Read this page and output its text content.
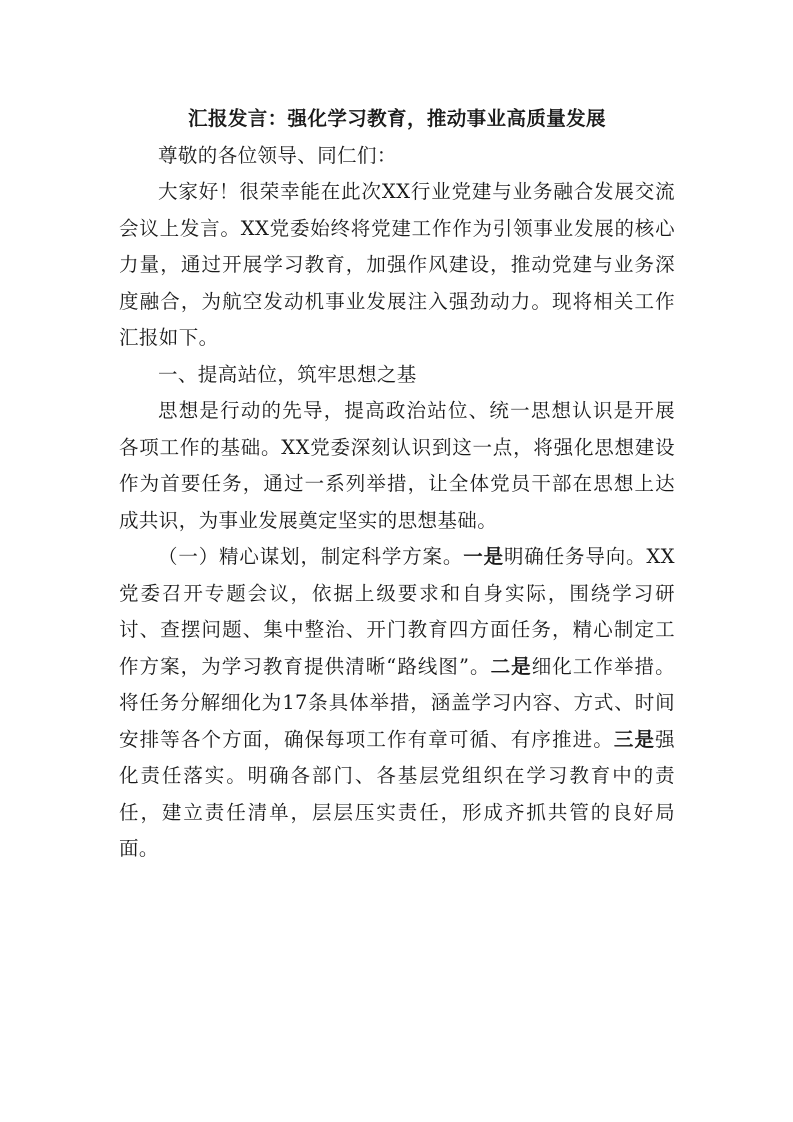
汇报发言：强化学习教育，推动事业高质量发展

尊敬的各位领导、同仁们：

大家好！很荣幸能在此次XX行业党建与业务融合发展交流会议上发言。XX党委始终将党建工作作为引领事业发展的核心力量，通过开展学习教育，加强作风建设，推动党建与业务深度融合，为航空发动机事业发展注入强劲动力。现将相关工作汇报如下。

一、提高站位，筑牢思想之基

思想是行动的先导，提高政治站位、统一思想认识是开展各项工作的基础。XX党委深刻认识到这一点，将强化思想建设作为首要任务，通过一系列举措，让全体党员干部在思想上达成共识，为事业发展奠定坚实的思想基础。

（一）精心谋划，制定科学方案。一是明确任务导向。XX党委召开专题会议，依据上级要求和自身实际，围绕学习研讨、查摆问题、集中整治、开门教育四方面任务，精心制定工作方案，为学习教育提供清晰“路线图”。二是细化工作举措。将任务分解细化为17条具体举措，涵盖学习内容、方式、时间安排等各个方面，确保每项工作有章可循、有序推进。三是强化责任落实。明确各部门、各基层党组织在学习教育中的责任，建立责任清单，层层压实责任，形成齐抓共管的良好局面。
